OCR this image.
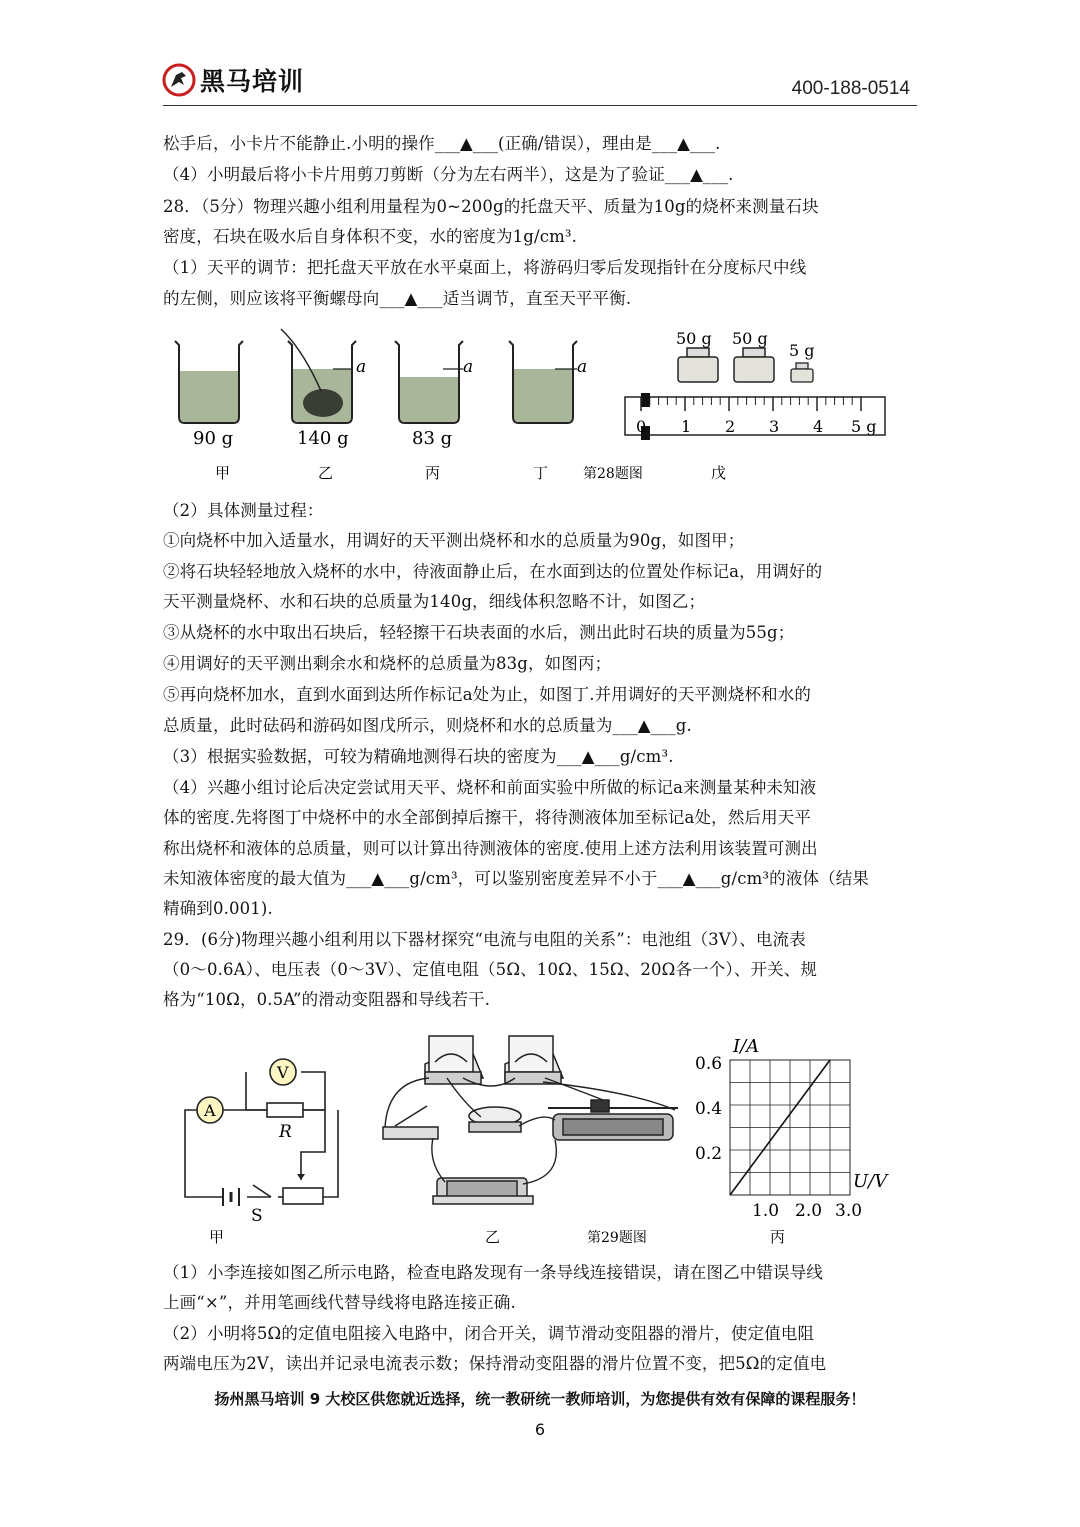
黑马培训	400-188-0514
松手后，小卡片不能静止.小明的操作___▲___(正确/错误），理由是___▲___.
（4）小明最后将小卡片用剪刀剪断（分为左右两半），这是为了验证___▲___.
28．（5分）物理兴趣小组利用量程为0~200g的托盘天平、质量为10g的烧杯来测量石块
密度，石块在吸水后自身体积不变，水的密度为1g/cm³.
（1）天平的调节：把托盘天平放在水平桌面上，将游码归零后发现指针在分度标尺中线
的左侧，则应该将平衡螺母向___▲___适当调节，直至天平平衡.
a	a	a
90 g	140 g	83 g
50 g 50 g
5 g
0 1 2 3 4 5 g
甲	乙	丙	丁 第28题图	戊
（2）具体测量过程：
①向烧杯中加入适量水，用调好的天平测出烧杯和水的总质量为90g，如图甲；
②将石块轻轻地放入烧杯的水中，待液面静止后，在水面到达的位置处作标记a，用调好的
天平测量烧杯、水和石块的总质量为140g，细线体积忽略不计，如图乙；
③从烧杯的水中取出石块后，轻轻擦干石块表面的水后，测出此时石块的质量为55g；
④用调好的天平测出剩余水和烧杯的总质量为83g，如图丙；
⑤再向烧杯加水，直到水面到达所作标记a处为止，如图丁.并用调好的天平测烧杯和水的
总质量，此时砝码和游码如图戊所示，则烧杯和水的总质量为___▲___g.
（3）根据实验数据，可较为精确地测得石块的密度为___▲___g/cm³.
（4）兴趣小组讨论后决定尝试用天平、烧杯和前面实验中所做的标记a来测量某种未知液
体的密度.先将图丁中烧杯中的水全部倒掉后擦干，将待测液体加至标记a处，然后用天平
称出烧杯和液体的总质量，则可以计算出待测液体的密度.使用上述方法利用该装置可测出
未知液体密度的最大值为___▲___g/cm³，可以鉴别密度差异不小于___▲___g/cm³的液体（结果
精确到0.001).
29．(6分)物理兴趣小组利用以下器材探究“电流与电阻的关系”：电池组（3V）、电流表
（0～0.6A）、电压表（0～3V）、定值电阻（5Ω、10Ω、15Ω、20Ω各一个）、开关、规
格为“10Ω，0.5A”的滑动变阻器和导线若干.
A
V
R
S
I/A
U/V
0.6
0.4
0.2
1.0 2.0 3.0
甲	乙	第29题图	丙
（1）小李连接如图乙所示电路，检查电路发现有一条导线连接错误，请在图乙中错误导线
上画“×”，并用笔画线代替导线将电路连接正确.
（2）小明将5Ω的定值电阻接入电路中，闭合开关，调节滑动变阻器的滑片，使定值电阻
两端电压为2V，读出并记录电流表示数；保持滑动变阻器的滑片位置不变，把5Ω的定值电
扬州黑马培训 9 大校区供您就近选择，统一教研统一教师培训，为您提供有效有保障的课程服务！
6
